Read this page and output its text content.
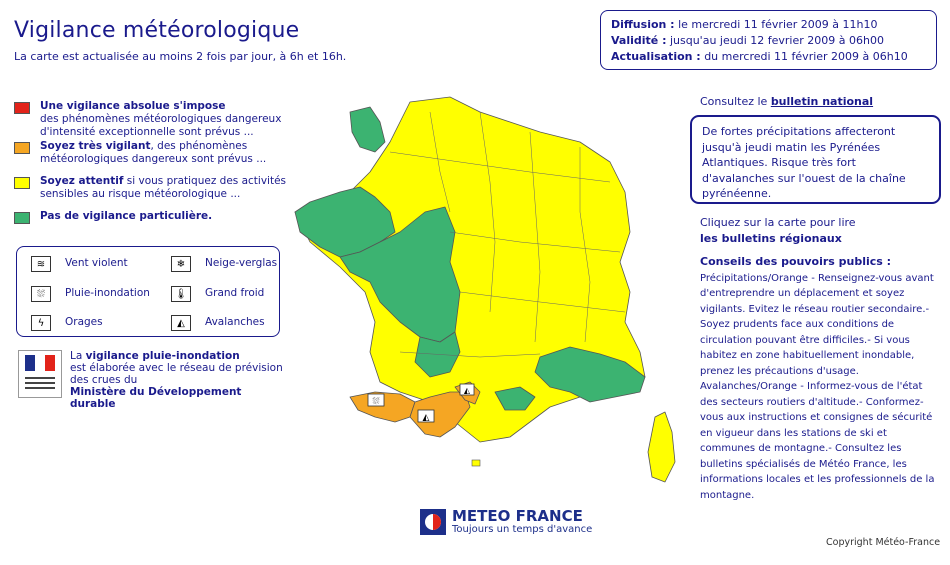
Vigilance météorologique
La carte est actualisée au moins 2 fois par jour, à 6h et 16h.
Diffusion : le mercredi 11 février 2009 à 11h10
Validité : jusqu'au jeudi 12 fevrier 2009 à 06h00
Actualisation : du mercredi 11 février 2009 à 06h10
Une vigilance absolue s'impose
des phénomènes météorologiques dangereux d'intensité exceptionnelle sont prévus ...
Soyez très vigilant, des phénomènes météorologiques dangereux sont prévus ...
Soyez attentif si vous pratiquez des activités sensibles au risque météorologique ...
Pas de vigilance particulière.
≋	Vent violent	❄	Neige-verglas
⛆	Pluie-inondation	🌡	Grand froid
ϟ	Orages	◭	Avalanches
La vigilance pluie-inondation
est élaborée avec le réseau de prévision des crues du
Ministère du Développement durable	⛆
◭
◭
Consultez le bulletin national
De fortes précipitations affecteront jusqu'à jeudi matin les Pyrénées Atlantiques. Risque très fort d'avalanches sur l'ouest de la chaîne pyrénéenne.
Cliquez sur la carte pour lire
les bulletins régionaux
Conseils des pouvoirs publics :
Précipitations/Orange - Renseignez-vous avant d'entreprendre un déplacement et soyez vigilants. Evitez le réseau routier secondaire.- Soyez prudents face aux conditions de circulation pouvant être difficiles.- Si vous habitez en zone habituellement inondable, prenez les précautions d'usage. Avalanches/Orange - Informez-vous de l'état des secteurs routiers d'altitude.- Conformez-vous aux instructions et consignes de sécurité en vigueur dans les stations de ski et communes de montagne.- Consultez les bulletins spécialisés de Météo France, les informations locales et les professionnels de la montagne.
METEO FRANCE
Toujours un temps d'avance
Copyright Météo-France
